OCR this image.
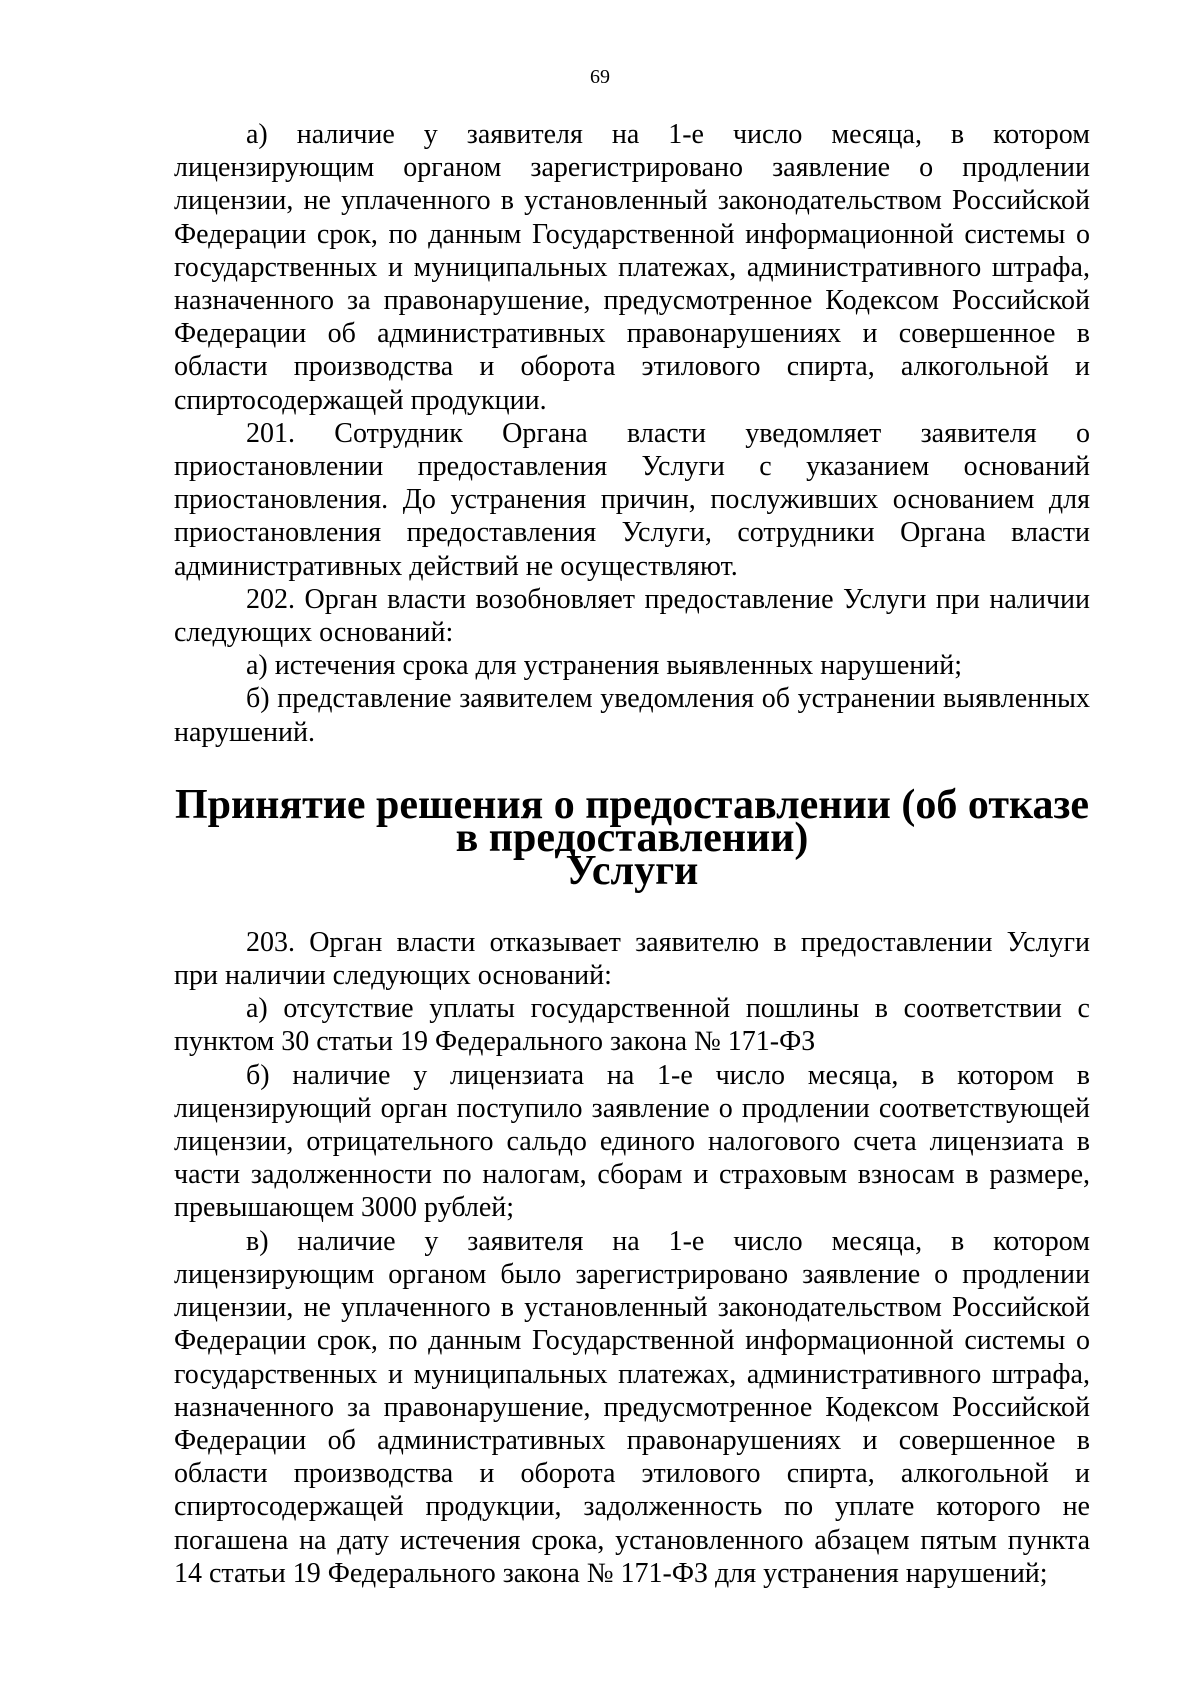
69

а) наличие у заявителя на 1-е число месяца, в котором лицензирующим органом зарегистрировано заявление о продлении лицензии, не уплаченного в установленный законодательством Российской Федерации срок, по данным Государственной информационной системы о государственных и муниципальных платежах, административного штрафа, назначенного за правонарушение, предусмотренное Кодексом Российской Федерации об административных правонарушениях и совершенное в области производства и оборота этилового спирта, алкогольной и спиртосодержащей продукции.

201. Сотрудник Органа власти уведомляет заявителя о приостановлении предоставления Услуги с указанием оснований приостановления. До устранения причин, послуживших основанием для приостановления предоставления Услуги, сотрудники Органа власти административных действий не осуществляют.

202. Орган власти возобновляет предоставление Услуги при наличии следующих оснований:

а) истечения срока для устранения выявленных нарушений;

б) представление заявителем уведомления об устранении выявленных нарушений.

Принятие решения о предоставлении (об отказе в предоставлении)
Услуги

203. Орган власти отказывает заявителю в предоставлении Услуги при наличии следующих оснований:

а) отсутствие уплаты государственной пошлины в соответствии с пунктом 30 статьи 19 Федерального закона № 171-ФЗ

б) наличие у лицензиата на 1-е число месяца, в котором в лицензирующий орган поступило заявление о продлении соответствующей лицензии, отрицательного сальдо единого налогового счета лицензиата в части задолженности по налогам, сборам и страховым взносам в размере, превышающем 3000 рублей;

в) наличие у заявителя на 1-е число месяца, в котором лицензирующим органом было зарегистрировано заявление о продлении лицензии, не уплаченного в установленный законодательством Российской Федерации срок, по данным Государственной информационной системы о государственных и муниципальных платежах, административного штрафа, назначенного за правонарушение, предусмотренное Кодексом Российской Федерации об административных правонарушениях и совершенное в области производства и оборота этилового спирта, алкогольной и спиртосодержащей продукции, задолженность по уплате которого не погашена на дату истечения срока, установленного абзацем пятым пункта 14 статьи 19 Федерального закона № 171-ФЗ для устранения нарушений;
